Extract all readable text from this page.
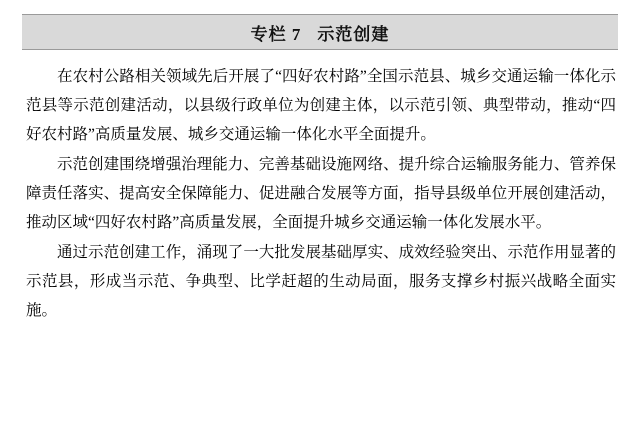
专栏 7 示范创建

在农村公路相关领域先后开展了“四好农村路”全国示范县、城乡交通运输一体化示范县等示范创建活动，以县级行政单位为创建主体，以示范引领、典型带动，推动“四好农村路”高质量发展、城乡交通运输一体化水平全面提升。

示范创建围绕增强治理能力、完善基础设施网络、提升综合运输服务能力、管养保障责任落实、提高安全保障能力、促进融合发展等方面，指导县级单位开展创建活动，推动区域“四好农村路”高质量发展，全面提升城乡交通运输一体化发展水平。

通过示范创建工作，涌现了一大批发展基础厚实、成效经验突出、示范作用显著的示范县，形成当示范、争典型、比学赶超的生动局面，服务支撑乡村振兴战略全面实施。
